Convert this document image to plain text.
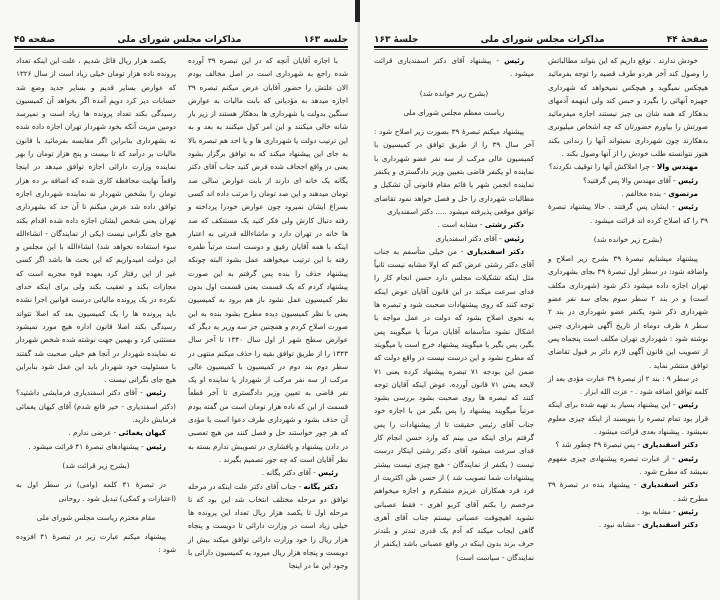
جلسه ۱۶۳
مذاکرات مجلس شورای ملی
صفحه ۴۵

با اجازه آقایان آنچه که در این تبصره ۳۹ آورده شده راجع به شهرداری است در اصل مخالف بودم الان علتش را حضور آقایان عرض میکنم تبصره ۳۹ اجازه میدهد به مؤدیانی که بابت مالیات به عوارض سنگین بدولت یا شهرداری ها بدهکار هستند از زیر بار شانه خالی میکنند و این امر کول میکنند به بعد و به این ترتیب دولت یا شهرداری ها و یا احد هم تبصره بالا به جای این پیشنهاد میکند که به توافق برگزار بشود یعنی در واقع اجحاف شده فرض کنید جناب آقای دکتر یگانه یک خانه ای دارند از بابت عوارض سالی صد تومان میدهند و این صد تومان را مرتب داده اند کسی بسراغ ایشان نمیرود چون عوارض خودرا پرداخته و رفته دنبال کارش ولی فکر کنید یک مستنکف که صد ها خانه در تهران دارد و ماشاءالله قدرتی به اعتبار اینکه با همه آقایان رفیق و دوست است مرتباً طفره رفته با این ترتیب میخواهند عمل بشود البته چونکه پیشنهاد حذف را بنده پس گرفتم به این صورت پیشنهاد کردم که یک قسمت یعنی قسمت اول بدون نظر کمیسیون عمل نشود باز هم برود به کمیسیون یعنی با نظر کمیسیون دیده مطرح بشود بنده به این صورت اصلاح کردم و همچنین جز سه وزیر به دیگر که عوارض سطح شهر از اول سال ۱۳۴۰ تا آخر سال ۱۳۴۳ را از طریق توافق بقیه را حذف میکنم منتهی در سطر دوم بند دوم در کمیسیون با کمیسیون عالی مرکب از سه نفر مرکب از شهردار یا نماینده او یک نفر قاضی به تعیین وزیر دادگستری تا آخر قطعاً قسمت از این که ناده هزار تومان است من گفته بودم آن حذف بشود و شهرداری طرف دعوا است با مؤدی که هر جور خواستند حل و فصل کنند من هیچ تعصبی در دادن پیشنهاد و پافشاری در تصویبش ندارم بسته به نظر آقایان است که چه جور تصمیم بگیرند .

رئیس - آقای دکتر یگانه .

دکتر یگانه - جناب آقای دکتر علت اینکه در مرحله توافق دو مرحله مختلف انتخاب شد این بود که تا مرحله اول تا یکصد هزار ریال تعداد این پرونده ها خیلی زیاد است در وزارت دارائی تا دویست و پنجاه هزار ریال را خود وزارت دارائی توافق میکند بیش از دویست و پنجاه هزار ریال میرود به کمیسیون دارائی با وجود این ما در اینجا

یکصد هزار ریال قائل شدیم ، علت این اینکه تعداد پرونده ناده هزار تومان خیلی زیاد است از سال ۱۳۲۶ که عوارض بسایر قدیم و بسایر جدید وضع شد حسابات دیر کرد دویم آمده اگر بخواهد آن کمیسیون رسیدگی بکند تعداد پرونده ها زیاد است و نمیرسد دومین مزیت آنکه بخود شهردار تهران اجازه داده شده نه بشهرداری بنابراین اگر مقایسه بفرمائید با قانون مالیات بر درآمد که تا بیست و پنج هزار تومان را بهر نماینده وزارت دارائی اجازه توافق میدهد در اینجا واقعاً نهایت محافظه کاری شده که اضافه بر ده هزار تومان را بشخص شهردار نه نماینده شهرداری اجازه توافق داده شد عرض میکنم تا آن حد که بشهرداری تهران یعنی شخص ایشان اجازه داده شده اقدام بکند هیچ جای نگرانی نیست (یکی از نمایندگان - انشاءالله سوء استفاده نخواهد شد) انشاءالله با این مجلس و این دولت امیدواریم که این بحث ها باشد اگر کسی غیر از این رفتار کرد بعهده قوه مجریه است که مجازات بکند و تعقیب بکند ولی برای اینکه خدای نکرده در یک پرونده مالیاتی درست قوانین اجرا نشده باید پرونده ها را یک کمیسیون بعد که اصلا نتواند رسیدگی بکند اصلا قانون اداره هیچ مورد نمیشود مستثنی کرد و بهمین جهت نوشته شده شخص شهردار نه نماینده شهردار در آنجا هم خیلی صحبت شد گفتند با مسئولیت خود شهردار باید این عمل شود بنابراین هیچ جای نگرانی نیست .

رئیس - آقای دکتر اسفندیاری فرمایشی داشتید؟ (دکتر اسفندیاری - خیر قانع شدم) آقای کیهان یغمائی فرمایش دارید.

کیهان یغمائی - عرضی ندارم .

رئیس - پیشنهادهای تبصرهٔ ۴۱ قرائت میشود .

(بشرح زیر قرائت شد)

در تبصرهٔ ۴۱ کلمه (وامی) در سطر اول به (اعتبارات و کمکی) تبدیل شود . روحانی

مقام محترم ریاست مجلس شورای ملی

پیشنهاد میکنم عبارت زیر در تبصرهٔ ۴۱ افزوده شود :

صفحهٔ ۴۴
مذاکرات مجلس شورای ملی
جلسهٔ ۱۶۳

خودش ندارند . توقع داریم که این بتواند مطالباتش را وصول کند آخر هردو طرف قضیه را توجه بفرمائید هیچکس نمیگوید و هیچکس نمیخواهد که شهرداری جهیزه آنهائی را بگیرد و حبس کند ولی اینهمه آدمهای بدهکار که همه شان بی چیز نیستند اجازه میفرمائید صورتش را بیاورم حضورتان که چه اشخاص میلیونری بدهکارند چون شهرداری نمیتواند آنها را زندانی بکند هنوز نتوانسته طلب خودش را از آنها وصول بکند .

مهندس والا - چرا املاکش آنها را توقیف نکردند؟

رئیس - آقای مهندس والا پس گرفتید؟

مرتضوی - بنده مخالفم .

رئیس - ایشان پس گرفتند . حالا پیشنهاد تبصرهٔ ۳۹ را که اصلاح کرده اند قرائت میشود .

(بشرح زیر خوانده شد)

پیشنهاد میشنایم تبصرهٔ ۳۹ بشرح زیر اصلاح و واضافه شود: در سطر اول تبصرهٔ ۳۹ بجای بشهرداری تهران اجازه داده میشود ذکر شود (شهرداری مکلف است) و در بند ۲ سطر سوم بجای سه نفر عضو شهرداری ذکر شود یکنفر عضو شهرداری در بند ۲ سطر ۸ ظرف دوماه از تاریخ آگهی شهرداری چنین نوشته شود : شهرداری تهران مکلف است پنجماه پس از تصویب این قانون آگهی لازم دائر بر قبول تقاضای توافق منتشر نماید .

در سطر ۹ : بند ۲ از تبصرهٔ ۳۹ عبارت مؤدی بعد از کلمه توافق اضافه شود . - عزت الله ابزار .

رئیس - این پیشنهاد بسیار بد تهیه شده برای اینکه قرار بود تمام تبصره را بنویسند از اینکه چیزی معلوم نمیشود . پیشنهاد بعدی قرائت میشود .

دکتر اسفندیاری - پس تبصرهٔ ۳۹ چطور شد ؟

رئیس - از عبارت تبصره پیشنهادی چیزی مفهوم نمیشد که مطرح شود .

دکتر اسفندیاری - پیشنهاد بنده در تبصرهٔ ۳۹ مطرح شد .

رئیس - مشابه بود .

دکتر اسفندیاری - مشابه نبود .

رئیس - پیشنهاد آقای دکتر اسفندیاری قرائت میشود .

(بشرح زیر خوانده شد)

ریاست معظم مجلس شورای ملی

پیشنهاد میکنم تبصرهٔ ۳۹ بصورت زیر اصلاح شود : آخر سال ۳۹ را از طریق توافق در کمیسیون با کمیسیون عالی مرکب از سه نفر عضو شهرداری با نماینده او یکنفر قاضی بتعیین وزیر دادگستری و یکنفر نماینده انجمن شهر یا قائم مقام قانونی آن تشکیل و مطالبات شهرداری را حل و فصل خواهد نمود تقاضای توافق موقعی پذیرفته میشود ..... دکتر اسفندیاری

دکتر رشتی - مشابه است .

رئیس - آقای دکتر اسفندیاری

دکتر اسفندیاری - من خیلی متأسفم به جناب آقای دکتر رشتی عرض کنم که اولا مشابه نیست ثانیاً مثل اینکه تشکیلات مجلس دارد حسن انجام کار را فدای سرعت میکند در این قانون آقایان عوض اینکه توجه کنند که روی پیشنهادات صحبت شود و تبصره ها به نحوی اصلاح بشود که دولت در عمل مواجه با اشکال نشود متأسفانه آقایان مرتباً یا میگویند پس بگیر، پس بگیر یا میگویند پیشنهاد خرج است یا میگویند که مطرح نشود و این درست نیست در واقع دولت که ضمن این بودجه ۷۱ تبصره پیشنهاد کرده یعنی ۷۱ لایحه یعنی ۷۱ قانون آورده، عوض اینکه آقایان توجه کنند که تبصره ها روی صحبت بشود بررسی بشود مرتباً میگویند پیشنهاد را پس بگیر من با اجازه خود جناب آقای رئیس حقیقت تا از پیشنهادات را پس گرفتم برای اینکه می بینم که وارد حسن انجام کار فدای سرعت میشود آقای دکتر رشتی اینکار درست نیست ( یکنفر از نمایندگان - هیچ چیزی نیست بیشتر پیشنهادات شما تصویب شد ) از حسن ظن اکثریت از فرد فرد همکاران عزیزم متشکرم و اجازه میخواهم مرخصم را بکنم آقای کربو اهری - فقط عصبانی نشوید اهیچوقت عصبانی نیستم جناب آقای آهری گاهی ایجاب میکند که آدم یک قدری تندتر و بلندتر حرف بزند بدون اینکه در واقع عصبانی باشد (یکنفر از نمایندگان - سیاست است)
